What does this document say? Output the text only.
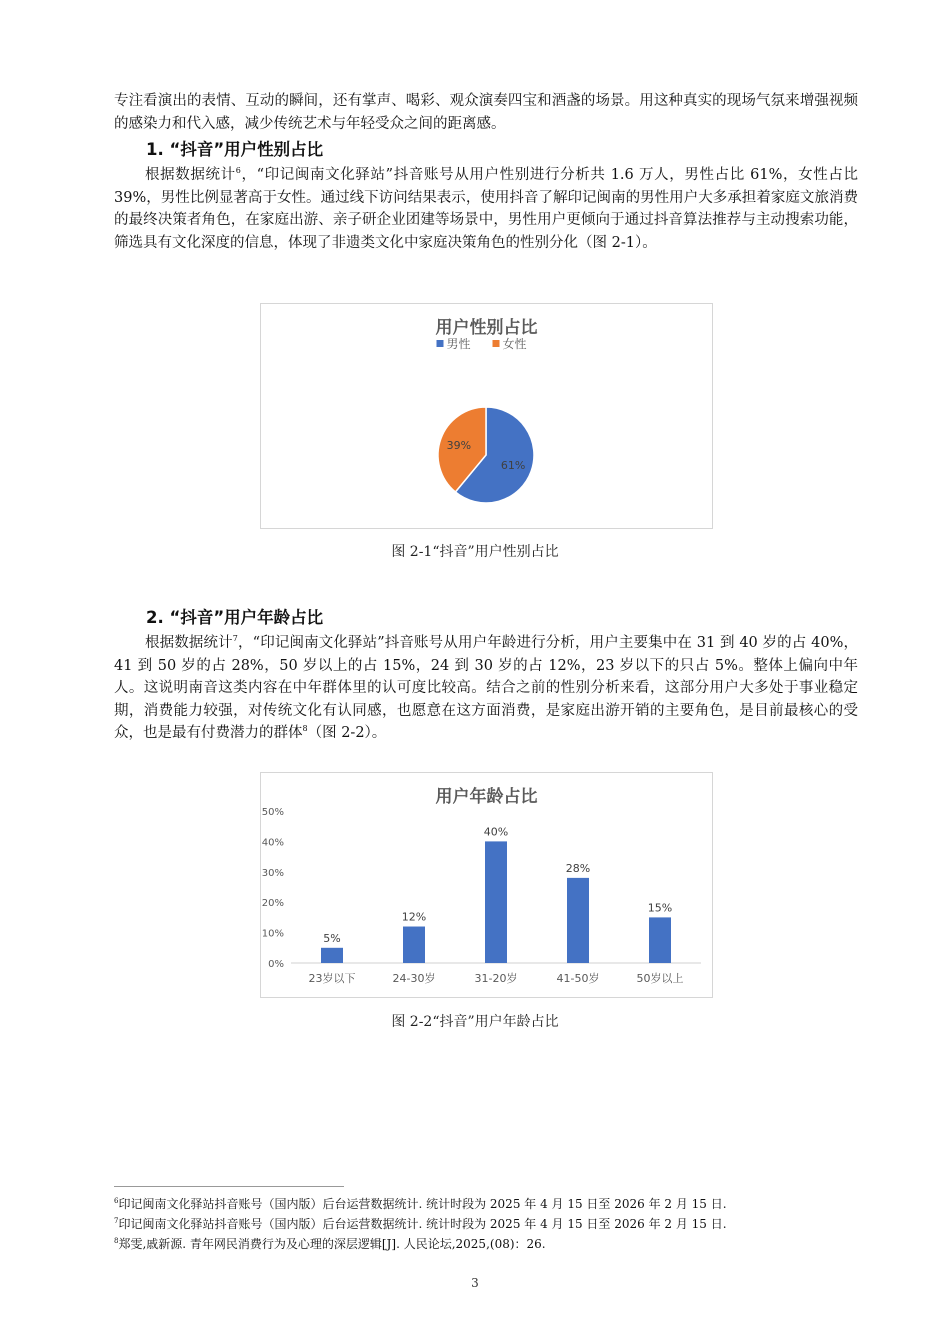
专注看演出的表情、互动的瞬间，还有掌声、喝彩、观众演奏四宝和酒盏的场景。用这种真实的现场气氛来增强视频的感染力和代入感，减少传统艺术与年轻受众之间的距离感。

1. “抖音”用户性别占比

根据数据统计$^6$，“印记闽南文化驿站”抖音账号从用户性别进行分析共 1.6 万人，男性占比 61%，女性占比 39%，男性比例显著高于女性。通过线下访问结果表示，使用抖音了解印记闽南的男性用户大多承担着家庭文旅消费的最终决策者角色，在家庭出游、亲子研企业团建等场景中，男性用户更倾向于通过抖音算法推荐与主动搜索功能，筛选具有文化深度的信息，体现了非遗类文化中家庭决策角色的性别分化（图 2-1）。

用户性别占比
男性	女性
61%
39%
图 2-1“抖音”用户性别占比
2. “抖音”用户年龄占比

根据数据统计$^7$，“印记闽南文化驿站”抖音账号从用户年龄进行分析，用户主要集中在 31 到 40 岁的占 40%，41 到 50 岁的占 28%，50 岁以上的占 15%，24 到 30 岁的占 12%，23 岁以下的只占 5%。整体上偏向中年人。这说明南音这类内容在中年群体里的认可度比较高。结合之前的性别分析来看，这部分用户大多处于事业稳定期，消费能力较强，对传统文化有认同感，也愿意在这方面消费，是家庭出游开销的主要角色，是目前最核心的受众，也是最有付费潜力的群体$^8$（图 2-2）。

用户年龄占比
0%
10%
20%
30%
40%
50%
5%
23岁以下
12%
24-30岁
40%
31-20岁
28%
41-50岁
15%
50岁以上
图 2-2“抖音”用户年龄占比

$^6$印记闽南文化驿站抖音账号（国内版）后台运营数据统计. 统计时段为 2025 年 4 月 15 日至 2026 年 2 月 15 日.

$^7$印记闽南文化驿站抖音账号（国内版）后台运营数据统计. 统计时段为 2025 年 4 月 15 日至 2026 年 2 月 15 日.

$^8$郑雯,戚新源. 青年网民消费行为及心理的深层逻辑[J]. 人民论坛,2025,(08)：26.

3
